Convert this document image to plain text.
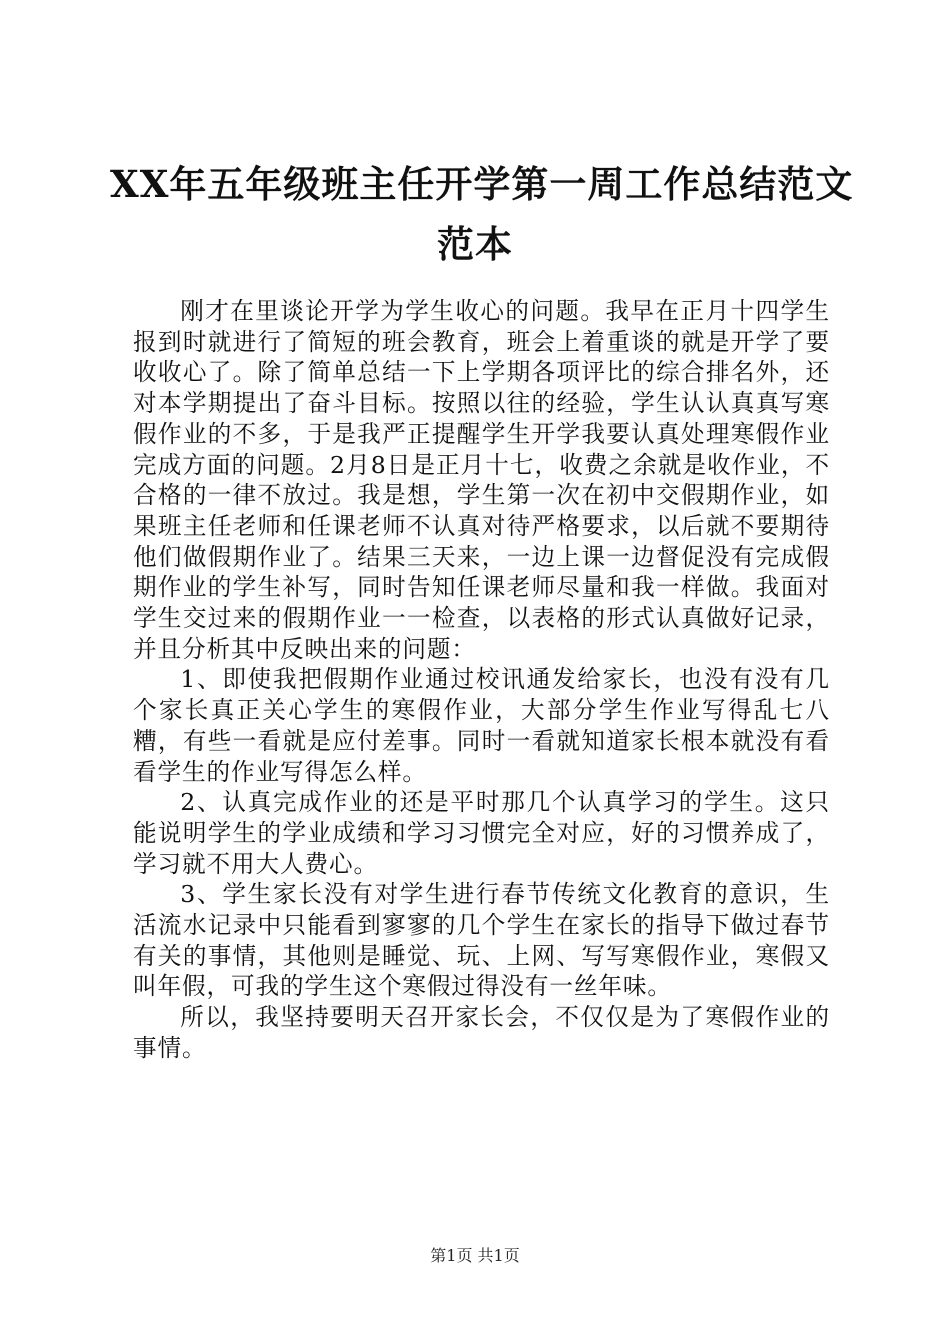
XX年五年级班主任开学第一周工作总结范文
范本

刚才在里谈论开学为学生收心的问题。我早在正月十四学生报到时就进行了简短的班会教育，班会上着重谈的就是开学了要收收心了。除了简单总结一下上学期各项评比的综合排名外，还对本学期提出了奋斗目标。按照以往的经验，学生认认真真写寒假作业的不多，于是我严正提醒学生开学我要认真处理寒假作业完成方面的问题。2月8日是正月十七，收费之余就是收作业，不合格的一律不放过。我是想，学生第一次在初中交假期作业，如果班主任老师和任课老师不认真对待严格要求，以后就不要期待他们做假期作业了。结果三天来，一边上课一边督促没有完成假期作业的学生补写，同时告知任课老师尽量和我一样做。我面对学生交过来的假期作业一一检查，以表格的形式认真做好记录，并且分析其中反映出来的问题：

1、即使我把假期作业通过校讯通发给家长，也没有没有几个家长真正关心学生的寒假作业，大部分学生作业写得乱七八糟，有些一看就是应付差事。同时一看就知道家长根本就没有看看学生的作业写得怎么样。

2、认真完成作业的还是平时那几个认真学习的学生。这只能说明学生的学业成绩和学习习惯完全对应，好的习惯养成了，学习就不用大人费心。

3、学生家长没有对学生进行春节传统文化教育的意识，生活流水记录中只能看到寥寥的几个学生在家长的指导下做过春节有关的事情，其他则是睡觉、玩、上网、写写寒假作业，寒假又叫年假，可我的学生这个寒假过得没有一丝年味。

所以，我坚持要明天召开家长会，不仅仅是为了寒假作业的事情。

第1页 共1页
